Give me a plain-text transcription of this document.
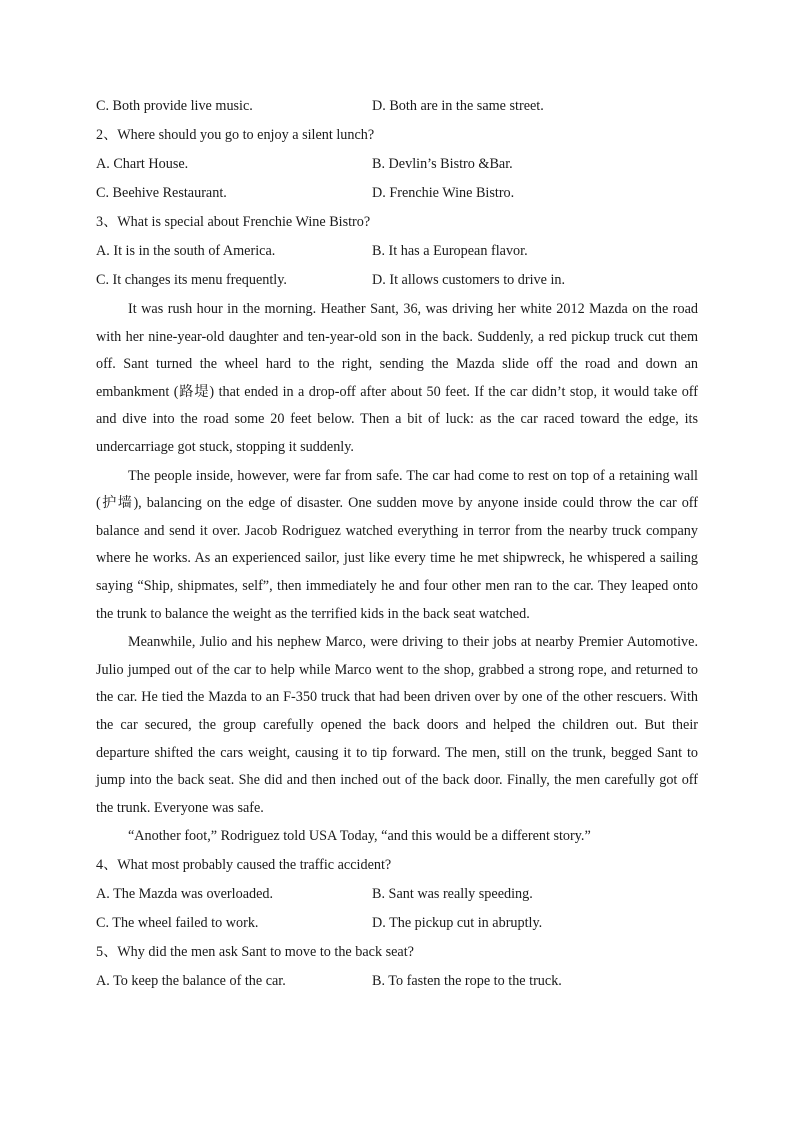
C. Both provide live music.	D. Both are in the same street.
2、Where should you go to enjoy a silent lunch?
A. Chart House.	B. Devlin’s Bistro &Bar.
C. Beehive Restaurant.	D. Frenchie Wine Bistro.
3、What is special about Frenchie Wine Bistro?
A. It is in the south of America.	B. It has a European flavor.
C. It changes its menu frequently.	D. It allows customers to drive in.

It was rush hour in the morning. Heather Sant, 36, was driving her white 2012 Mazda on the road with her nine-year-old daughter and ten-year-old son in the back. Suddenly, a red pickup truck cut them off. Sant turned the wheel hard to the right, sending the Mazda slide off the road and down an embankment (路堤) that ended in a drop-off after about 50 feet. If the car didn’t stop, it would take off and dive into the road some 20 feet below. Then a bit of luck: as the car raced toward the edge, its undercarriage got stuck, stopping it suddenly.

The people inside, however, were far from safe. The car had come to rest on top of a retaining wall (护墙), balancing on the edge of disaster. One sudden move by anyone inside could throw the car off balance and send it over. Jacob Rodriguez watched everything in terror from the nearby truck company where he works. As an experienced sailor, just like every time he met shipwreck, he whispered a sailing saying “Ship, shipmates, self”, then immediately he and four other men ran to the car. They leaped onto the trunk to balance the weight as the terrified kids in the back seat watched.

Meanwhile, Julio and his nephew Marco, were driving to their jobs at nearby Premier Automotive. Julio jumped out of the car to help while Marco went to the shop, grabbed a strong rope, and returned to the car. He tied the Mazda to an F-350 truck that had been driven over by one of the other rescuers. With the car secured, the group carefully opened the back doors and helped the children out. But their departure shifted the cars weight, causing it to tip forward. The men, still on the trunk, begged Sant to jump into the back seat. She did and then inched out of the back door. Finally, the men carefully got off the trunk. Everyone was safe.

“Another foot,” Rodriguez told USA Today, “and this would be a different story.”

4、What most probably caused the traffic accident?
A. The Mazda was overloaded.	B. Sant was really speeding.
C. The wheel failed to work.	D. The pickup cut in abruptly.
5、Why did the men ask Sant to move to the back seat?
A. To keep the balance of the car.	B. To fasten the rope to the truck.
